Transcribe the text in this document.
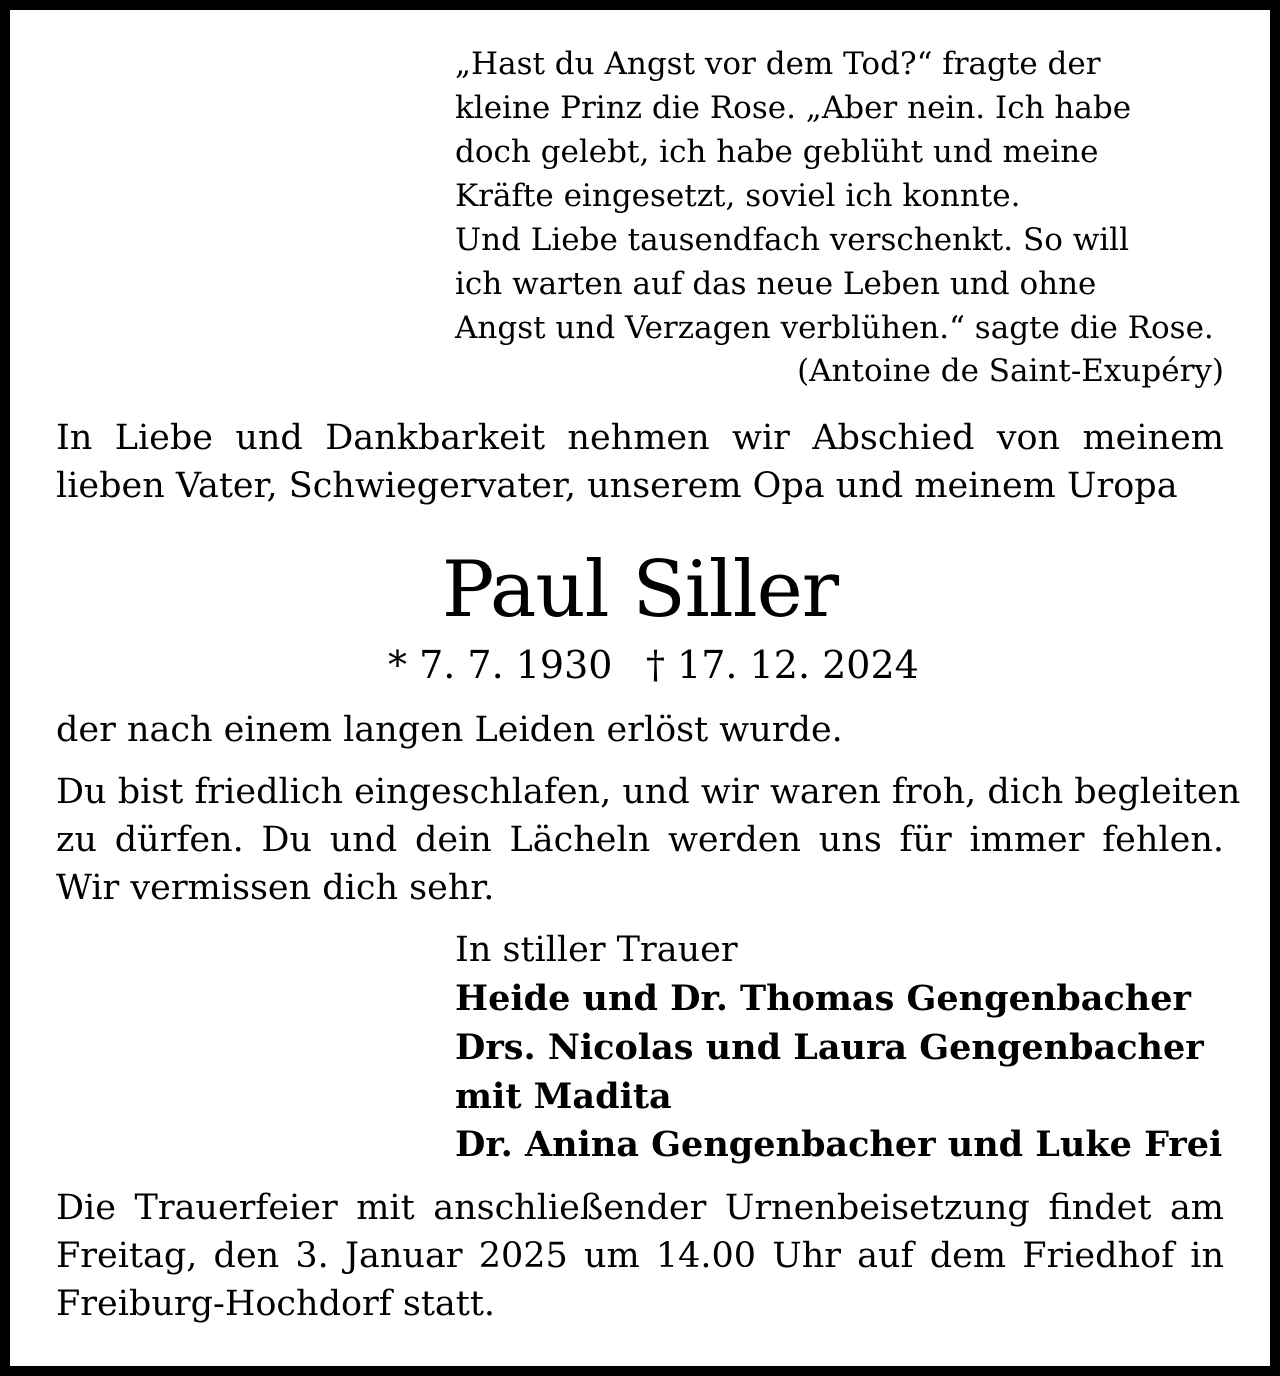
„Hast du Angst vor dem Tod?“ fragte der

kleine Prinz die Rose. „Aber nein. Ich habe

doch gelebt, ich habe geblüht und meine

Kräfte eingesetzt, soviel ich konnte.

Und Liebe tausendfach verschenkt. So will

ich warten auf das neue Leben und ohne

Angst und Verzagen verblühen.“ sagte die Rose.

(Antoine de Saint-Exupéry)
In Liebe und Dankbarkeit nehmen wir Abschied von meinem
lieben Vater, Schwiegervater, unserem Opa und meinem Uropa
Paul Siller
* 7. 7. 1930 † 17. 12. 2024
der nach einem langen Leiden erlöst wurde.
Du bist friedlich eingeschlafen, und wir waren froh, dich begleiten
zu dürfen. Du und dein Lächeln werden uns für immer fehlen.
Wir vermissen dich sehr.
In stiller Trauer
Heide und Dr. Thomas Gengenbacher
Drs. Nicolas und Laura Gengenbacher
mit Madita
Dr. Anina Gengenbacher und Luke Frei
Die Trauerfeier mit anschließender Urnenbeisetzung findet am
Freitag, den 3. Januar 2025 um 14.00 Uhr auf dem Friedhof in
Freiburg-Hochdorf statt.
